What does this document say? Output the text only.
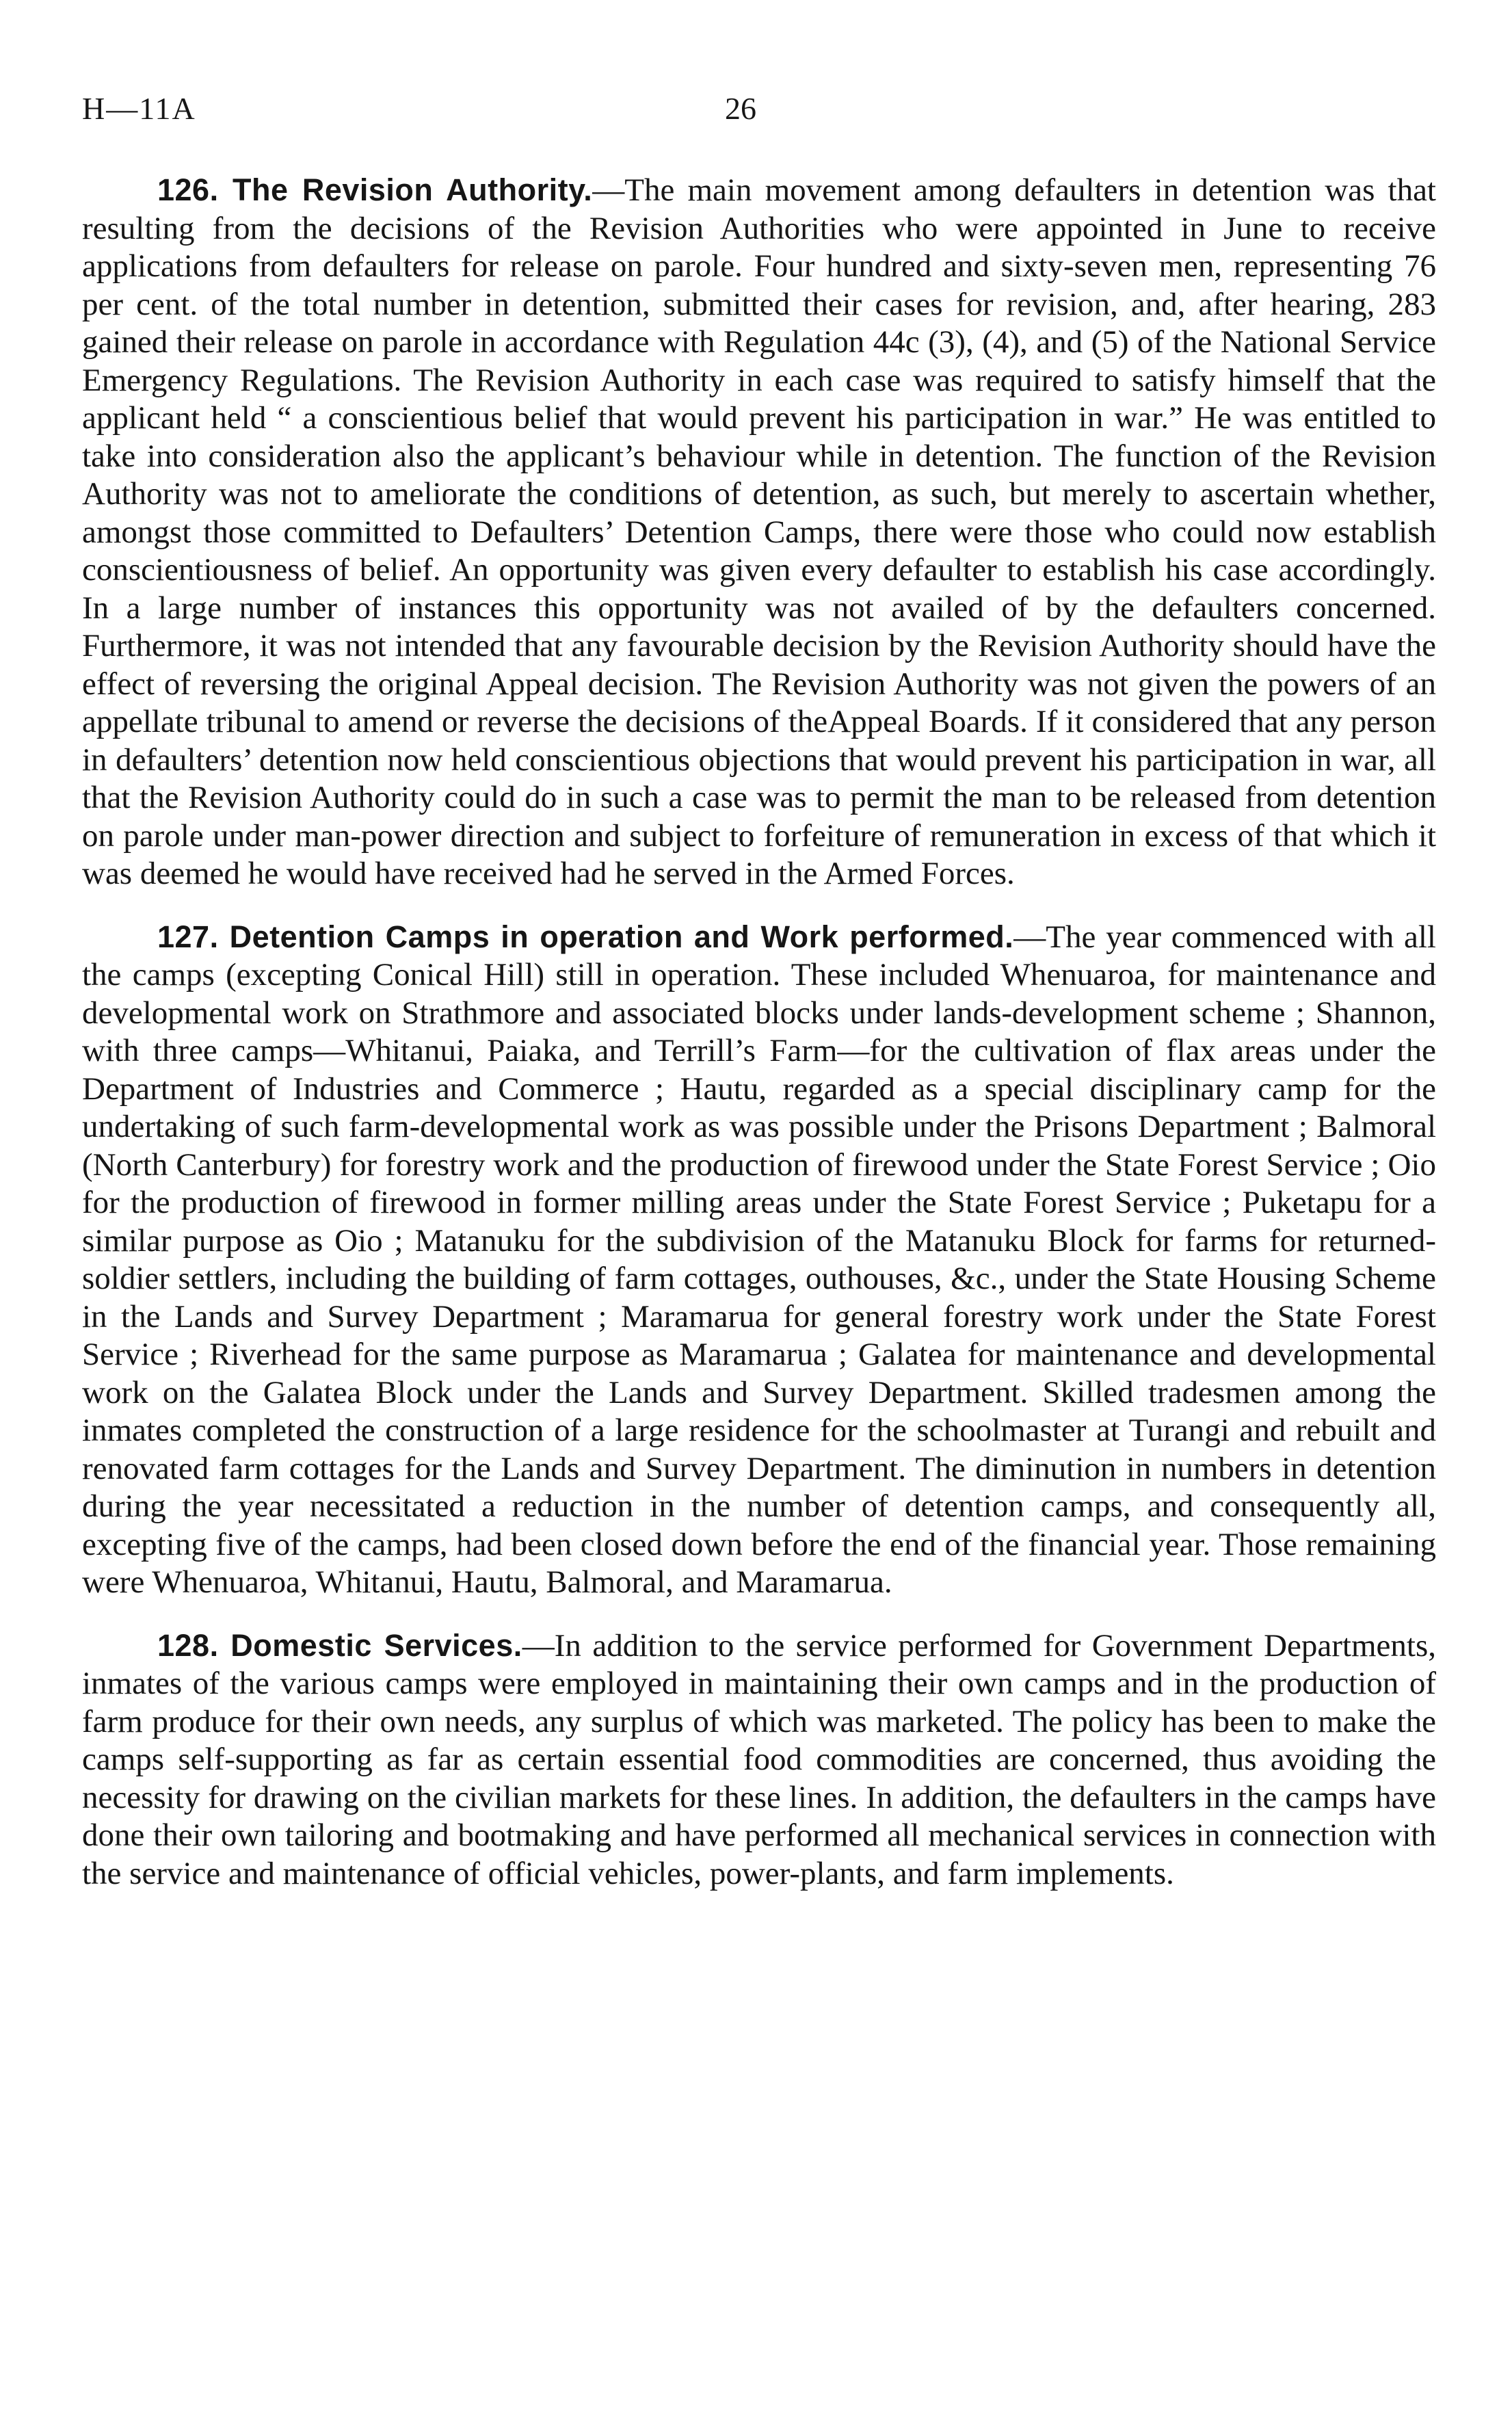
H—11A	26

126. The Revision Authority.—The main movement among defaulters in detention was that resulting from the decisions of the Revision Authorities who were appointed in June to receive applications from defaulters for release on parole. Four hundred and sixty-seven men, representing 76 per cent. of the total number in detention, submitted their cases for revision, and, after hearing, 283 gained their release on parole in accordance with Regulation 44c (3), (4), and (5) of the National Service Emergency Regulations. The Revision Authority in each case was required to satisfy himself that the applicant held “ a conscientious belief that would prevent his participation in war.” He was entitled to take into consideration also the applicant’s behaviour while in detention. The function of the Revision Authority was not to ameliorate the conditions of detention, as such, but merely to ascertain whether, amongst those committed to Defaulters’ Detention Camps, there were those who could now establish conscientiousness of belief. An opportunity was given every defaulter to establish his case accordingly. In a large number of instances this opportunity was not availed of by the defaulters concerned. Furthermore, it was not intended that any favourable decision by the Revision Authority should have the effect of reversing the original Appeal decision. The Revision Authority was not given the powers of an appellate tribunal to amend or reverse the decisions of theAppeal Boards. If it considered that any person in defaulters’ detention now held conscientious objections that would prevent his participation in war, all that the Revision Authority could do in such a case was to permit the man to be released from detention on parole under man-power direction and subject to forfeiture of remuneration in excess of that which it was deemed he would have received had he served in the Armed Forces.

127. Detention Camps in operation and Work performed.—The year commenced with all the camps (excepting Conical Hill) still in operation. These included Whenuaroa, for maintenance and developmental work on Strathmore and associated blocks under lands-development scheme ; Shannon, with three camps—Whitanui, Paiaka, and Terrill’s Farm—for the cultivation of flax areas under the Department of Industries and Commerce ; Hautu, regarded as a special disciplinary camp for the undertaking of such farm-developmental work as was possible under the Prisons Department ; Balmoral (North Canterbury) for forestry work and the production of firewood under the State Forest Service ; Oio for the production of firewood in former milling areas under the State Forest Service ; Puketapu for a similar purpose as Oio ; Matanuku for the subdivision of the Matanuku Block for farms for returned-soldier settlers, including the building of farm cottages, outhouses, &c., under the State Housing Scheme in the Lands and Survey Department ; Maramarua for general forestry work under the State Forest Service ; Riverhead for the same purpose as Maramarua ; Galatea for maintenance and developmental work on the Galatea Block under the Lands and Survey Department. Skilled tradesmen among the inmates completed the construction of a large residence for the schoolmaster at Turangi and rebuilt and renovated farm cottages for the Lands and Survey Department. The diminution in numbers in detention during the year necessitated a reduction in the number of detention camps, and consequently all, excepting five of the camps, had been closed down before the end of the financial year. Those remaining were Whenuaroa, Whitanui, Hautu, Balmoral, and Maramarua.

128. Domestic Services.—In addition to the service performed for Government Departments, inmates of the various camps were employed in maintaining their own camps and in the production of farm produce for their own needs, any surplus of which was marketed. The policy has been to make the camps self-supporting as far as certain essential food commodities are concerned, thus avoiding the necessity for drawing on the civilian markets for these lines. In addition, the defaulters in the camps have done their own tailoring and bootmaking and have performed all mechanical services in connection with the service and maintenance of official vehicles, power-plants, and farm implements.
